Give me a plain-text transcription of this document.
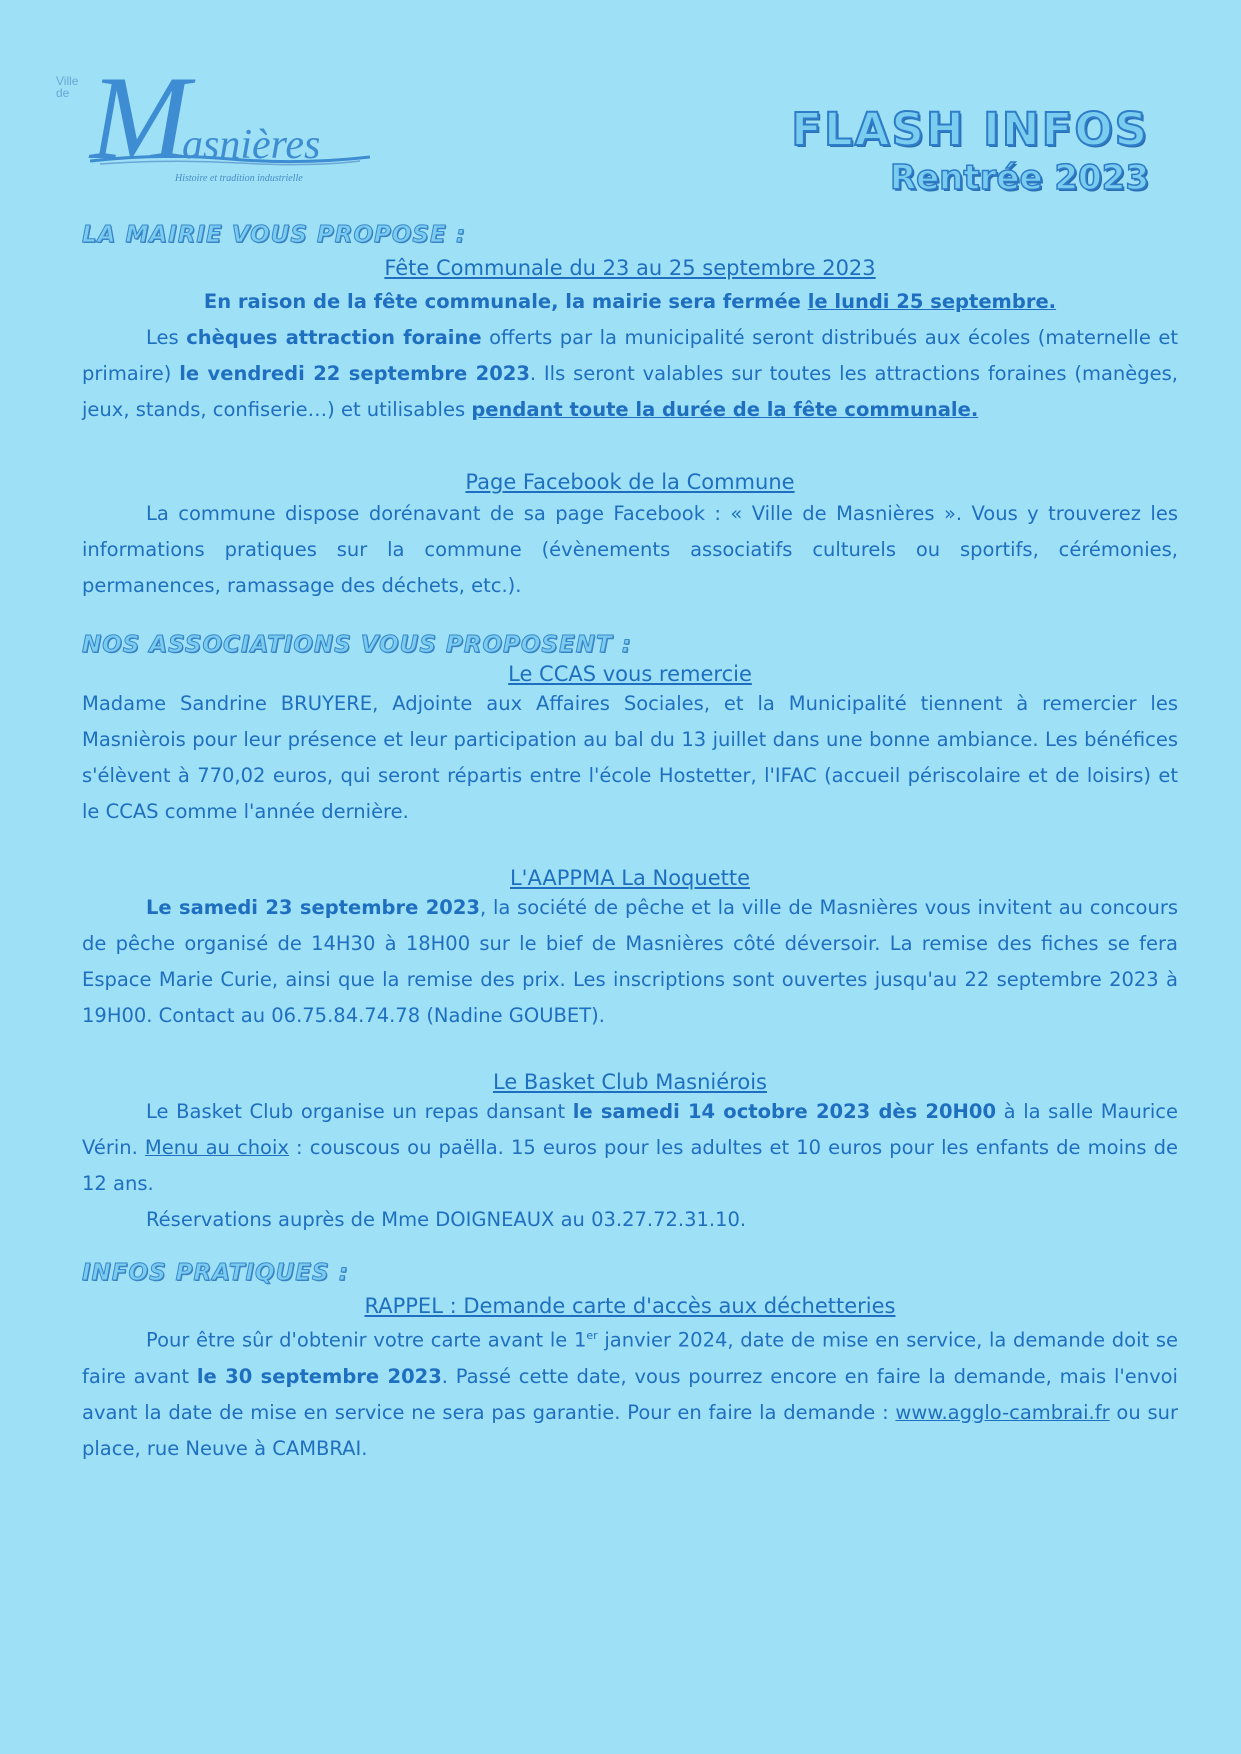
Ville de Masnières
Histoire et tradition industrielle
FLASH INFOS
Rentrée 2023
LA MAIRIE VOUS PROPOSE :
Fête Communale du 23 au 25 septembre 2023

En raison de la fête communale, la mairie sera fermée le lundi 25 septembre.

Les chèques attraction foraine offerts par la municipalité seront distribués aux écoles (maternelle et primaire) le vendredi 22 septembre 2023. Ils seront valables sur toutes les attractions foraines (manèges, jeux, stands, confiserie…) et utilisables pendant toute la durée de la fête communale.

Page Facebook de la Commune

La commune dispose dorénavant de sa page Facebook : « Ville de Masnières ». Vous y trouverez les informations pratiques sur la commune (évènements associatifs culturels ou sportifs, cérémonies, permanences, ramassage des déchets, etc.).

NOS ASSOCIATIONS VOUS PROPOSENT :
Le CCAS vous remercie

Madame Sandrine BRUYERE, Adjointe aux Affaires Sociales, et la Municipalité tiennent à remercier les Masnièrois pour leur présence et leur participation au bal du 13 juillet dans une bonne ambiance. Les bénéfices s'élèvent à 770,02 euros, qui seront répartis entre l'école Hostetter, l'IFAC (accueil périscolaire et de loisirs) et le CCAS comme l'année dernière.

L'AAPPMA La Noquette

Le samedi 23 septembre 2023, la société de pêche et la ville de Masnières vous invitent au concours de pêche organisé de 14H30 à 18H00 sur le bief de Masnières côté déversoir. La remise des fiches se fera Espace Marie Curie, ainsi que la remise des prix. Les inscriptions sont ouvertes jusqu'au 22 septembre 2023 à 19H00. Contact au 06.75.84.74.78 (Nadine GOUBET).

Le Basket Club Masniérois

Le Basket Club organise un repas dansant le samedi 14 octobre 2023 dès 20H00 à la salle Maurice Vérin. Menu au choix : couscous ou paëlla. 15 euros pour les adultes et 10 euros pour les enfants de moins de 12 ans.

Réservations auprès de Mme DOIGNEAUX au 03.27.72.31.10.

INFOS PRATIQUES :
RAPPEL : Demande carte d'accès aux déchetteries

Pour être sûr d'obtenir votre carte avant le 1er janvier 2024, date de mise en service, la demande doit se faire avant le 30 septembre 2023. Passé cette date, vous pourrez encore en faire la demande, mais l'envoi avant la date de mise en service ne sera pas garantie. Pour en faire la demande : www.agglo-cambrai.fr ou sur place, rue Neuve à CAMBRAI.
